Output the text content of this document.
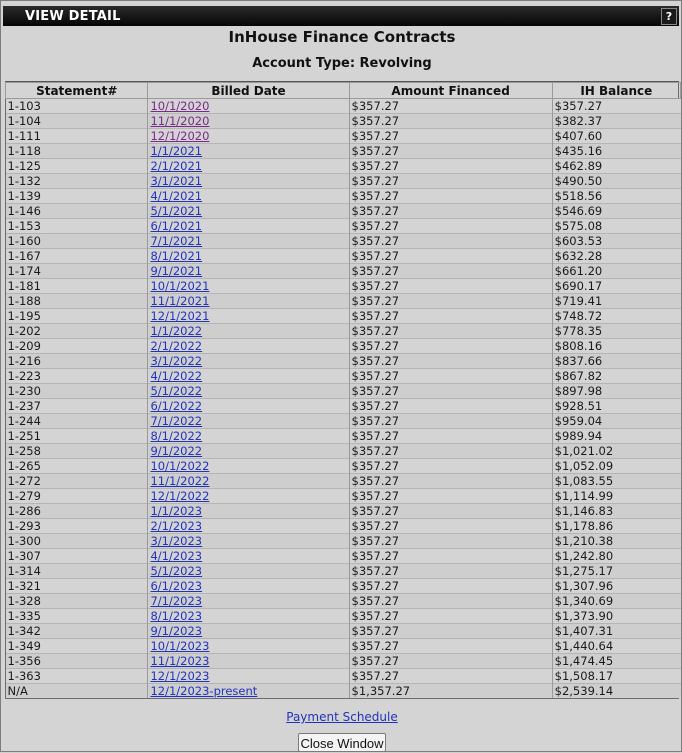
VIEW DETAIL	?
InHouse Finance Contracts
Account Type: Revolving
Statement#	Billed Date	Amount Financed	IH Balance
1-103	10/1/2020	$357.27	$357.27
1-104	11/1/2020	$357.27	$382.37
1-111	12/1/2020	$357.27	$407.60
1-118	1/1/2021	$357.27	$435.16
1-125	2/1/2021	$357.27	$462.89
1-132	3/1/2021	$357.27	$490.50
1-139	4/1/2021	$357.27	$518.56
1-146	5/1/2021	$357.27	$546.69
1-153	6/1/2021	$357.27	$575.08
1-160	7/1/2021	$357.27	$603.53
1-167	8/1/2021	$357.27	$632.28
1-174	9/1/2021	$357.27	$661.20
1-181	10/1/2021	$357.27	$690.17
1-188	11/1/2021	$357.27	$719.41
1-195	12/1/2021	$357.27	$748.72
1-202	1/1/2022	$357.27	$778.35
1-209	2/1/2022	$357.27	$808.16
1-216	3/1/2022	$357.27	$837.66
1-223	4/1/2022	$357.27	$867.82
1-230	5/1/2022	$357.27	$897.98
1-237	6/1/2022	$357.27	$928.51
1-244	7/1/2022	$357.27	$959.04
1-251	8/1/2022	$357.27	$989.94
1-258	9/1/2022	$357.27	$1,021.02
1-265	10/1/2022	$357.27	$1,052.09
1-272	11/1/2022	$357.27	$1,083.55
1-279	12/1/2022	$357.27	$1,114.99
1-286	1/1/2023	$357.27	$1,146.83
1-293	2/1/2023	$357.27	$1,178.86
1-300	3/1/2023	$357.27	$1,210.38
1-307	4/1/2023	$357.27	$1,242.80
1-314	5/1/2023	$357.27	$1,275.17
1-321	6/1/2023	$357.27	$1,307.96
1-328	7/1/2023	$357.27	$1,340.69
1-335	8/1/2023	$357.27	$1,373.90
1-342	9/1/2023	$357.27	$1,407.31
1-349	10/1/2023	$357.27	$1,440.64
1-356	11/1/2023	$357.27	$1,474.45
1-363	12/1/2023	$357.27	$1,508.17
N/A	12/1/2023-present	$1,357.27	$2,539.14
Payment Schedule
Close Window
